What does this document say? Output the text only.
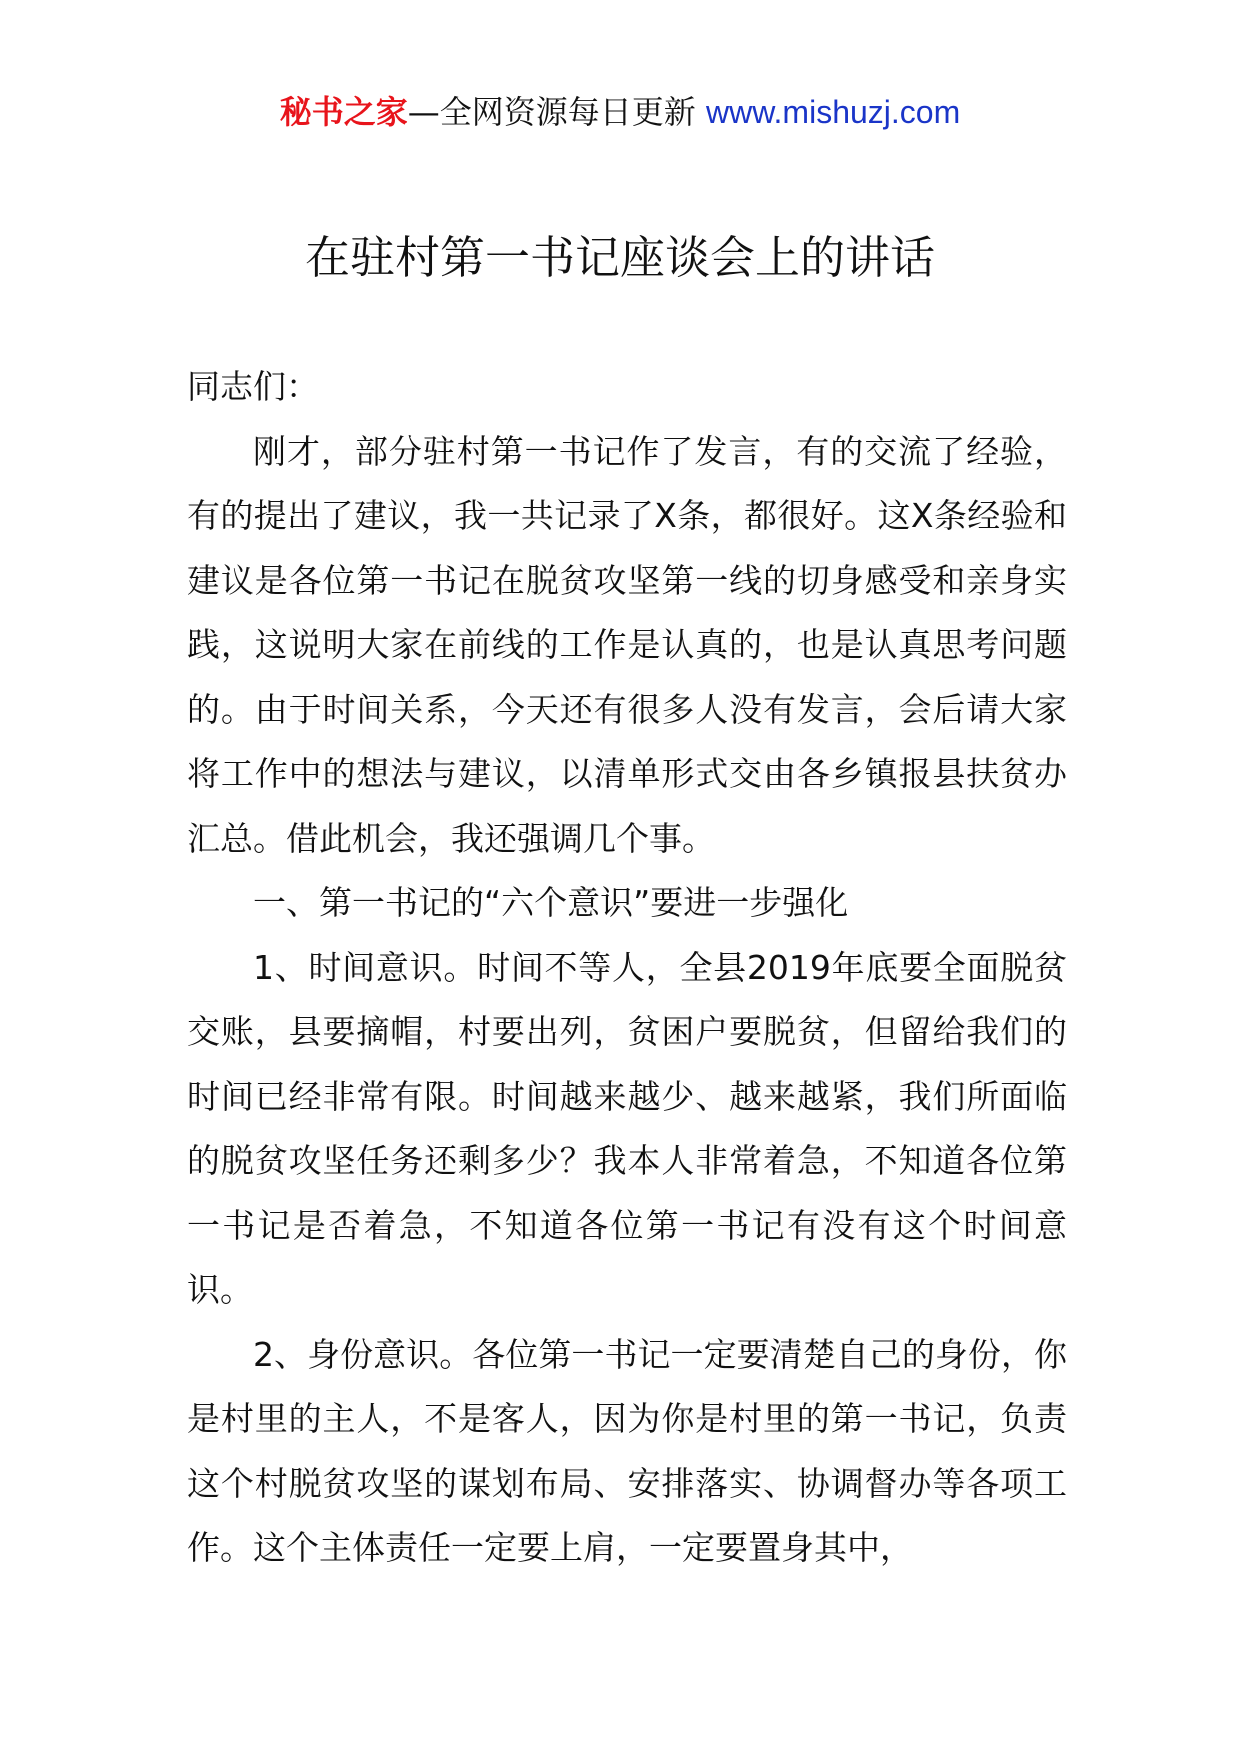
秘书之家—全网资源每日更新 www.mishuzj.com
在驻村第一书记座谈会上的讲话

同志们：

刚才，部分驻村第一书记作了发言，有的交流了经验，有的提出了建议，我一共记录了X条，都很好。这X条经验和建议是各位第一书记在脱贫攻坚第一线的切身感受和亲身实践，这说明大家在前线的工作是认真的，也是认真思考问题的。由于时间关系，今天还有很多人没有发言，会后请大家将工作中的想法与建议，以清单形式交由各乡镇报县扶贫办汇总。借此机会，我还强调几个事。

一、第一书记的“六个意识”要进一步强化

1、时间意识。时间不等人，全县2019年底要全面脱贫交账，县要摘帽，村要出列，贫困户要脱贫，但留给我们的时间已经非常有限。时间越来越少、越来越紧，我们所面临的脱贫攻坚任务还剩多少？我本人非常着急，不知道各位第一书记是否着急，不知道各位第一书记有没有这个时间意识。

2、身份意识。各位第一书记一定要清楚自己的身份，你是村里的主人，不是客人，因为你是村里的第一书记，负责这个村脱贫攻坚的谋划布局、安排落实、协调督办等各项工作。这个主体责任一定要上肩，一定要置身其中，
